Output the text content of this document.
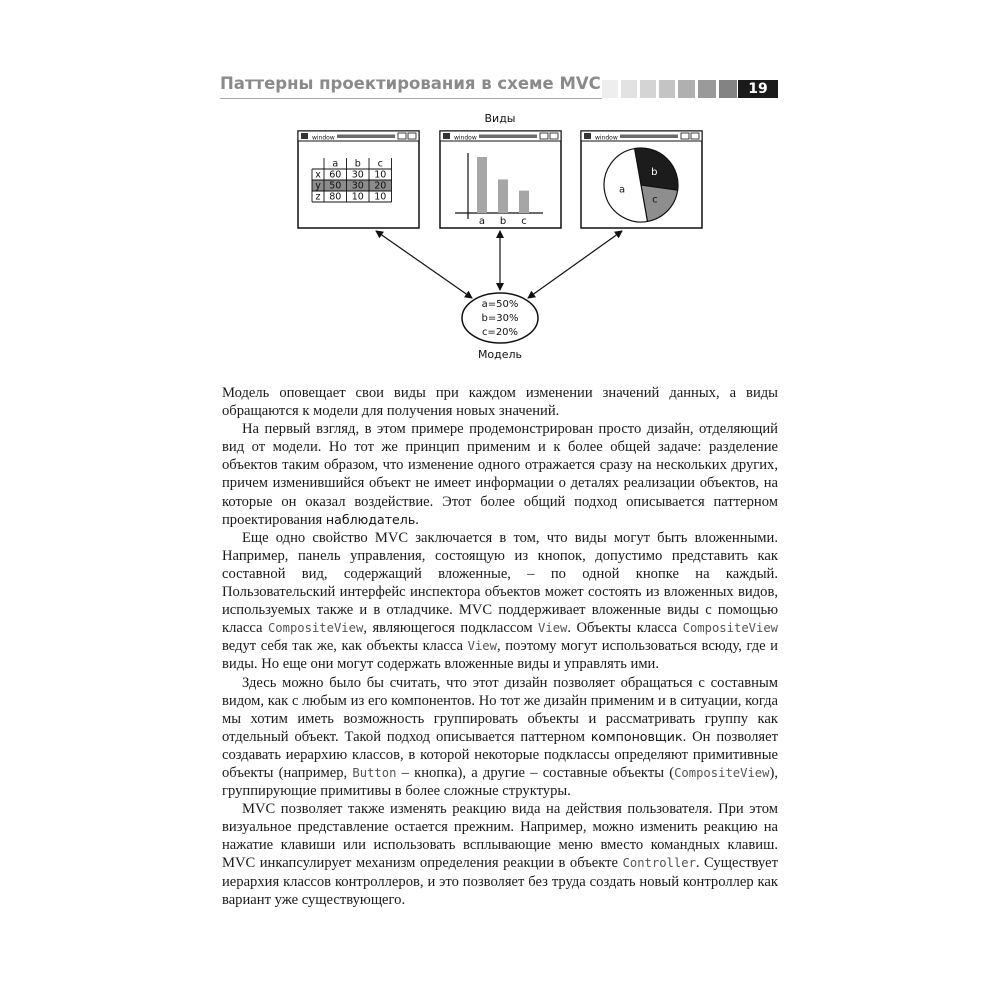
Паттерны проектирования в схеме MVC	19
Виды
window
a b c
x 60 30 10
y 50 30 20
z 80 10 10
window
a b c
window
b
c
a
a=50%
b=30%
c=20%
Модель

Модель оповещает свои виды при каждом изменении значений данных, а виды обращаются к модели для получения новых значений.

На первый взгляд, в этом примере продемонстрирован просто дизайн, отделяющий вид от модели. Но тот же принцип применим и к более общей задаче: разделение объектов таким образом, что изменение одного отражается сразу на нескольких других, причем изменившийся объект не имеет информации о деталях реализации объектов, на которые он оказал воздействие. Этот более общий подход описывается паттерном проектирования наблюдатель.

Еще одно свойство MVC заключается в том, что виды могут быть вложенными. Например, панель управления, состоящую из кнопок, допустимо представить как составной вид, содержащий вложенные, – по одной кнопке на каждый. Пользовательский интерфейс инспектора объектов может состоять из вложенных видов, используемых также и в отладчике. MVC поддерживает вложенные виды с помощью класса CompositeView, являющегося подклассом View. Объекты класса CompositeView ведут себя так же, как объекты класса View, поэтому могут использоваться всюду, где и виды. Но еще они могут содержать вложенные виды и управлять ими.

Здесь можно было бы считать, что этот дизайн позволяет обращаться с составным видом, как с любым из его компонентов. Но тот же дизайн применим и в ситуации, когда мы хотим иметь возможность группировать объекты и рассматривать группу как отдельный объект. Такой подход описывается паттерном компоновщик. Он позволяет создавать иерархию классов, в которой некоторые подклассы определяют примитивные объекты (например, Button – кнопка), а другие – составные объекты (CompositeView), группирующие примитивы в более сложные структуры.

MVC позволяет также изменять реакцию вида на действия пользователя. При этом визуальное представление остается прежним. Например, можно изменить реакцию на нажатие клавиши или использовать всплывающие меню вместо командных клавиш. MVC инкапсулирует механизм определения реакции в объекте Controller. Существует иерархия классов контроллеров, и это позволяет без труда создать новый контроллер как вариант уже существующего.
